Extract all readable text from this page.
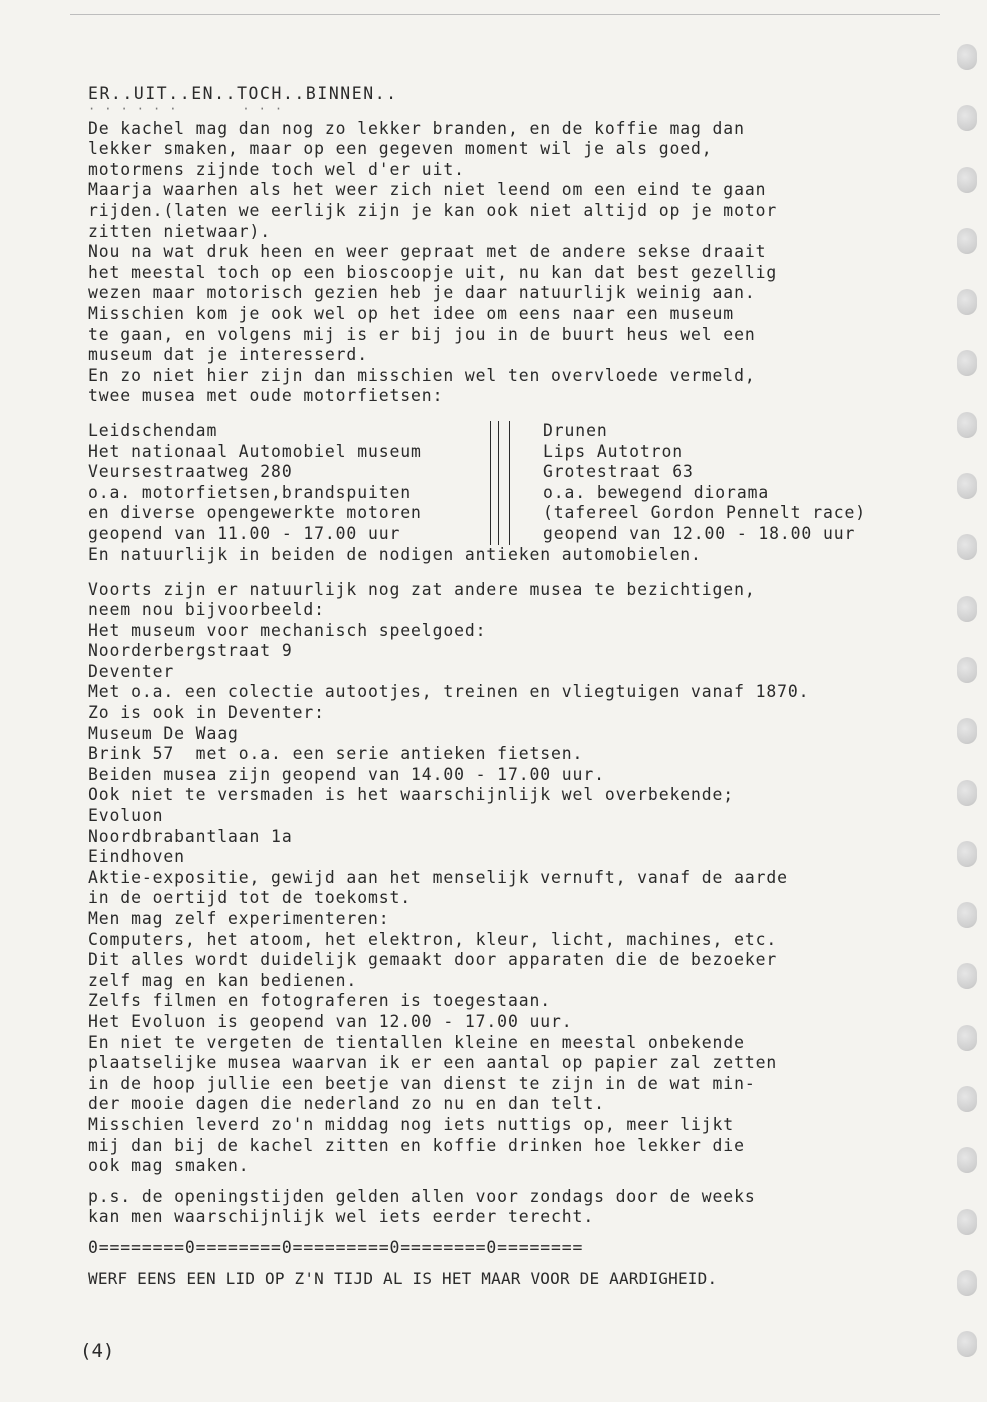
ER..UIT..EN..TOCH..BINNEN..
· · · · · ·        · · ·
De kachel mag dan nog zo lekker branden, en de koffie mag dan
lekker smaken, maar op een gegeven moment wil je als goed,
motormens zijnde toch wel d'er uit.
Maarja waarhen als het weer zich niet leend om een eind te gaan
rijden.(laten we eerlijk zijn je kan ook niet altijd op je motor
zitten nietwaar).
Nou na wat druk heen en weer gepraat met de andere sekse draait
het meestal toch op een bioscoopje uit, nu kan dat best gezellig
wezen maar motorisch gezien heb je daar natuurlijk weinig aan.
Misschien kom je ook wel op het idee om eens naar een museum
te gaan, en volgens mij is er bij jou in de buurt heus wel een
museum dat je interesserd.
En zo niet hier zijn dan misschien wel ten overvloede vermeld,
twee musea met oude motorfietsen:
Leidschendam
Het nationaal Automobiel museum
Veursestraatweg 280
o.a. motorfietsen,brandspuiten
en diverse opengewerkte motoren
geopend van 11.00 - 17.00 uur
Drunen
Lips Autotron
Grotestraat 63
o.a. bewegend diorama
(tafereel Gordon Pennelt race)
geopend van 12.00 - 18.00 uur
En natuurlijk in beiden de nodigen antieken automobielen.
Voorts zijn er natuurlijk nog zat andere musea te bezichtigen,
neem nou bijvoorbeeld:
Het museum voor mechanisch speelgoed:
Noorderbergstraat 9
Deventer
Met o.a. een colectie autootjes, treinen en vliegtuigen vanaf 1870.
Zo is ook in Deventer:
Museum De Waag
Brink 57  met o.a. een serie antieken fietsen.
Beiden musea zijn geopend van 14.00 - 17.00 uur.
Ook niet te versmaden is het waarschijnlijk wel overbekende;
Evoluon
Noordbrabantlaan 1a
Eindhoven
Aktie-expositie, gewijd aan het menselijk vernuft, vanaf de aarde
in de oertijd tot de toekomst.
Men mag zelf experimenteren:
Computers, het atoom, het elektron, kleur, licht, machines, etc.
Dit alles wordt duidelijk gemaakt door apparaten die de bezoeker
zelf mag en kan bedienen.
Zelfs filmen en fotograferen is toegestaan.
Het Evoluon is geopend van 12.00 - 17.00 uur.
En niet te vergeten de tientallen kleine en meestal onbekende
plaatselijke musea waarvan ik er een aantal op papier zal zetten
in de hoop jullie een beetje van dienst te zijn in de wat min-
der mooie dagen die nederland zo nu en dan telt.
Misschien leverd zo'n middag nog iets nuttigs op, meer lijkt
mij dan bij de kachel zitten en koffie drinken hoe lekker die
ook mag smaken.
p.s. de openingstijden gelden allen voor zondags door de weeks
kan men waarschijnlijk wel iets eerder terecht.
0========0========0=========0========0========
WERF EENS EEN LID OP Z'N TIJD AL IS HET MAAR VOOR DE AARDIGHEID.
(4)
